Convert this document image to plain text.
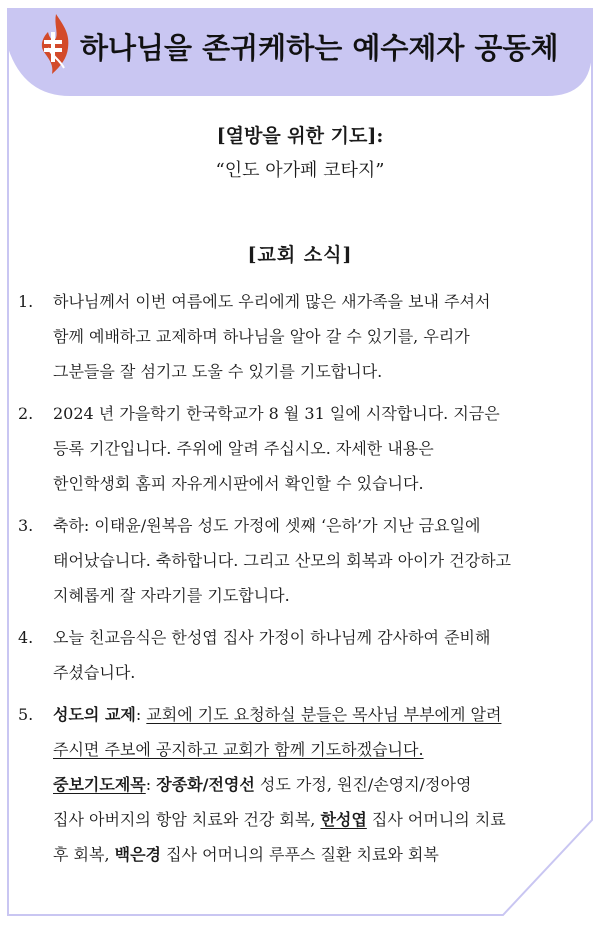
하나님을 존귀케하는 예수제자 공동체
[열방을 위한 기도]:
“인도 아가페 코타지”
[교회 소식]
1. 하나님께서 이번 여름에도 우리에게 많은 새가족을 보내 주셔서
함께 예배하고 교제하며 하나님을 알아 갈 수 있기를, 우리가
그분들을 잘 섬기고 도울 수 있기를 기도합니다.
2. 2024 년 가을학기 한국학교가 8 월 31 일에 시작합니다. 지금은
등록 기간입니다. 주위에 알려 주십시오. 자세한 내용은
한인학생회 홈피 자유게시판에서 확인할 수 있습니다.
3. 축하: 이태윤/원복음 성도 가정에 셋째 ‘은하’가 지난 금요일에
태어났습니다. 축하합니다. 그리고 산모의 회복과 아이가 건강하고
지혜롭게 잘 자라기를 기도합니다.
4. 오늘 친교음식은 한성엽 집사 가정이 하나님께 감사하여 준비해
주셨습니다.
5. 성도의 교제: 교회에 기도 요청하실 분들은 목사님 부부에게 알려
주시면 주보에 공지하고 교회가 함께 기도하겠습니다.
중보기도제목: 장종화/전영선 성도 가정, 원진/손영지/정아영
집사 아버지의 항암 치료와 건강 회복, 한성엽 집사 어머니의 치료
후 회복, 백은경 집사 어머니의 루푸스 질환 치료와 회복
